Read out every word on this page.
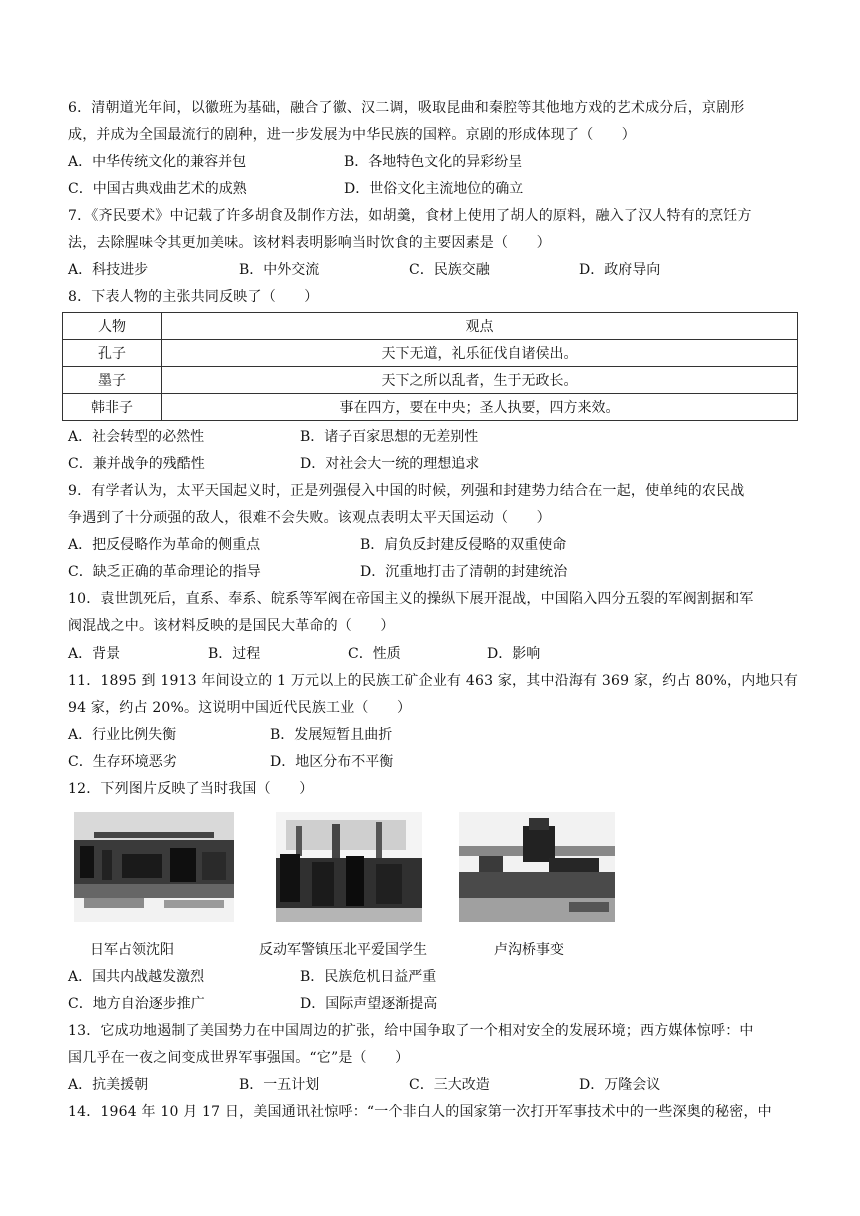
6．清朝道光年间，以徽班为基础，融合了徽、汉二调，吸取昆曲和秦腔等其他地方戏的艺术成分后，京剧形
成，并成为全国最流行的剧种，进一步发展为中华民族的国粹。京剧的形成体现了（　　）
A．中华传统文化的兼容并包	B．各地特色文化的异彩纷呈
C．中国古典戏曲艺术的成熟	D．世俗文化主流地位的确立
7．《齐民要术》中记载了许多胡食及制作方法，如胡羹，食材上使用了胡人的原料，融入了汉人特有的烹饪方
法，去除腥味令其更加美味。该材料表明影响当时饮食的主要因素是（　　）
A．科技进步	B．中外交流	C．民族交融	D．政府导向
8．下表人物的主张共同反映了（　　）
人物	观点
孔子	天下无道，礼乐征伐自诸侯出。
墨子	天下之所以乱者，生于无政长。
韩非子	事在四方，要在中央；圣人执要，四方来效。
A．社会转型的必然性	B．诸子百家思想的无差别性
C．兼并战争的残酷性	D．对社会大一统的理想追求
9．有学者认为，太平天国起义时，正是列强侵入中国的时候，列强和封建势力结合在一起，使单纯的农民战
争遇到了十分顽强的敌人，很难不会失败。该观点表明太平天国运动（　　）
A．把反侵略作为革命的侧重点	B．肩负反封建反侵略的双重使命
C．缺乏正确的革命理论的指导	D．沉重地打击了清朝的封建统治
10．袁世凯死后，直系、奉系、皖系等军阀在帝国主义的操纵下展开混战，中国陷入四分五裂的军阀割据和军
阀混战之中。该材料反映的是国民大革命的（　　）
A．背景	B．过程	C．性质	D．影响
11．1895 到 1913 年间设立的 1 万元以上的民族工矿企业有 463 家，其中沿海有 369 家，约占 80%，内地只有
94 家，约占 20%。这说明中国近代民族工业（　　）
A．行业比例失衡	B．发展短暂且曲折
C．生存环境恶劣	D．地区分布不平衡
12．下列图片反映了当时我国（　　）
日军占领沈阳	反动军警镇压北平爱国学生	卢沟桥事变
A．国共内战越发激烈	B．民族危机日益严重
C．地方自治逐步推广	D．国际声望逐渐提高
13．它成功地遏制了美国势力在中国周边的扩张，给中国争取了一个相对安全的发展环境；西方媒体惊呼：中
国几乎在一夜之间变成世界军事强国。“它”是（　　）
A．抗美援朝	B．一五计划	C．三大改造	D．万隆会议
14．1964 年 10 月 17 日，美国通讯社惊呼：“一个非白人的国家第一次打开军事技术中的一些深奥的秘密，中
